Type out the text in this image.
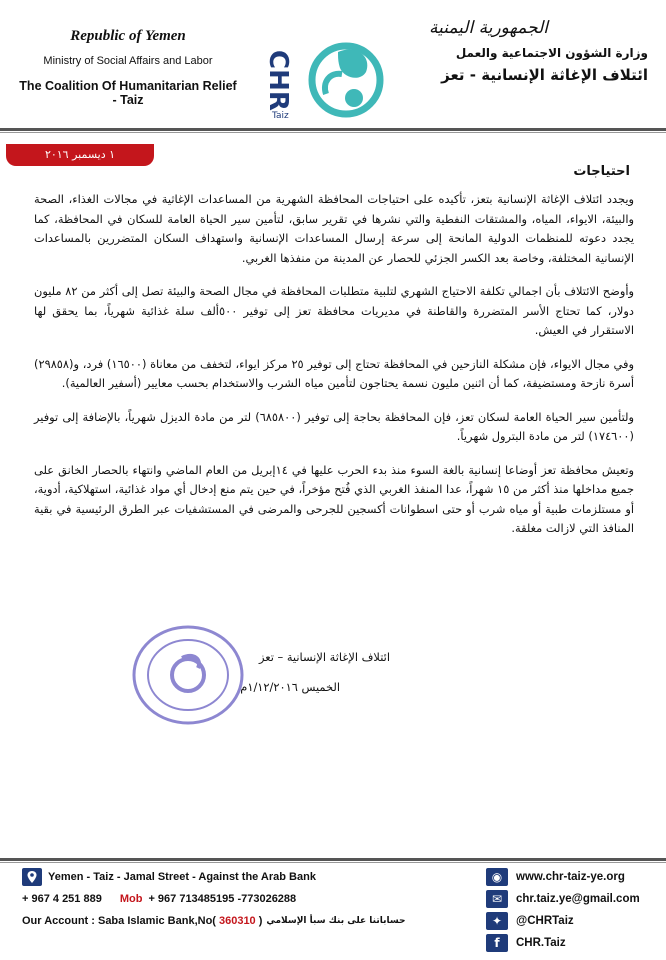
Republic of Yemen
Ministry of Social Affairs and Labor
The Coalition Of Humanitarian Relief - Taiz	CHR
Taiz
الجمهورية اليمنية
وزارة الشؤون الاجتماعية والعمل
ائتلاف الإغاثة الإنسانية - تعز
١ ديسمبر ٢٠١٦
احتياجات

ويجدد ائتلاف الإغاثة الإنسانية بتعز، تأكيده على احتياجات المحافظة الشهرية من المساعدات الإغاثية في مجالات الغذاء، الصحة والبيئة، الايواء، المياه، والمشتقات النفطية والتي نشرها في تقرير سابق، لتأمين سير الحياة العامة للسكان في المحافظة، كما يجدد دعوته للمنظمات الدولية المانحة إلى سرعة إرسال المساعدات الإنسانية واستهداف السكان المتضررين بالمساعدات الإنسانية المختلفة، وخاصة بعد الكسر الجزئي للحصار عن المدينة من منفذها الغربي.

وأوضح الائتلاف بأن اجمالي تكلفة الاحتياج الشهري لتلبية متطلبات المحافظة في مجال الصحة والبيئة تصل إلى أكثر من ٨٢ مليون دولار، كما تحتاج الأسر المتضررة والقاطنة في مديريات محافظة تعز إلى توفير ٥٠٠ألف سلة غذائية شهرياً، بما يحقق لها الاستقرار في العيش.

وفي مجال الايواء، فإن مشكلة النازحين في المحافظة تحتاج إلى توفير ٢٥ مركز ايواء، لتخفف من معاناة (١٦٥٠٠) فرد، و(٢٩٨٥٨) أسرة نازحة ومستضيفة، كما أن اثنين مليون نسمة يحتاجون لتأمين مياه الشرب والاستخدام بحسب معايير (أسفير العالمية).

ولتأمين سير الحياة العامة لسكان تعز، فإن المحافظة بحاجة إلى توفير (٦٨٥٨٠٠) لتر من مادة الديزل شهرياً، بالإضافة إلى توفير (١٧٤٦٠٠) لتر من مادة البترول شهرياً.

وتعيش محافظة تعز أوضاعا إنسانية بالغة السوء منذ بدء الحرب عليها في ١٤إبريل من العام الماضي وانتهاء بالحصار الخانق على جميع مداخلها منذ أكثر من ١٥ شهراً، عدا المنفذ الغربي الذي فُتح مؤخراً، في حين يتم منع إدخال أي مواد غذائية، استهلاكية، أدوية، أو مستلزمات طبية أو مياه شرب أو حتى اسطوانات أكسجين للجرحى والمرضى في المستشفيات عبر الطرق الرئيسية في بقية المنافذ التي لازالت مغلقة.

ائتلاف الإغاثة الإنسانية – تعز
الخميس ١/١٢/٢٠١٦م
Yemen - Taiz - Jamal Street - Against the Arab Bank
+ 967 4 251 889 Mob + 967 713485195 -773026288
Our Account : Saba Islamic Bank,No( 360310 ) حساباتنا على بنك سبأ الإسلامي
◉	www.chr-taiz-ye.org
✉	chr.taiz.ye@gmail.com
✦	@CHRTaiz
f	CHR.Taiz
